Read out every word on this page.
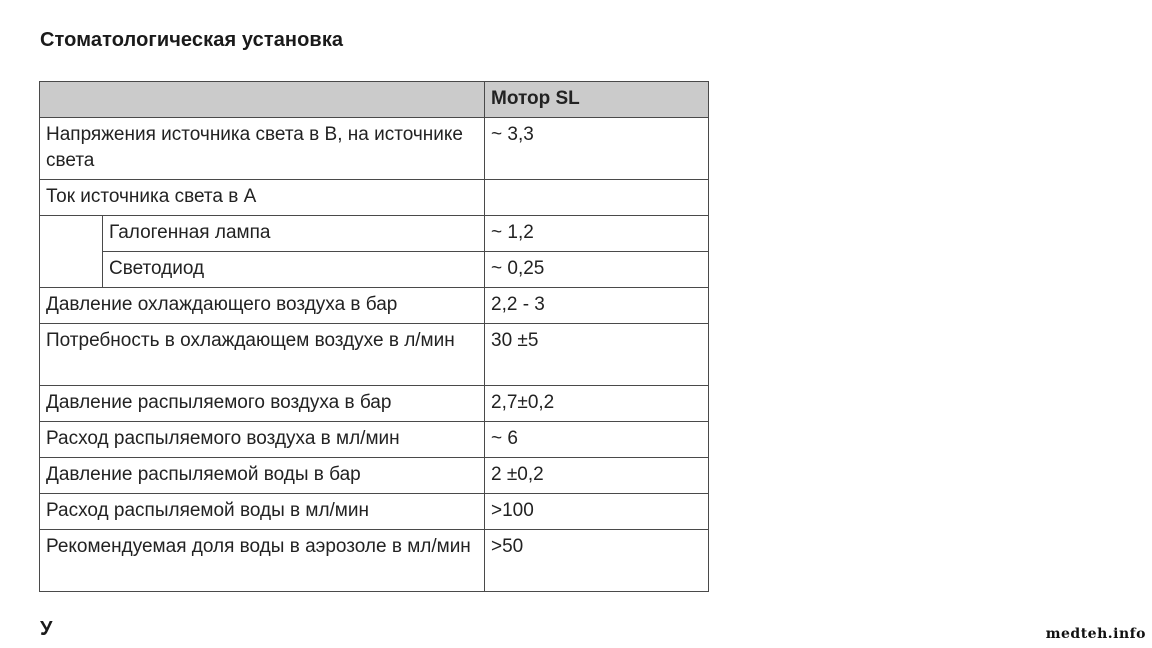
Стоматологическая установка
		Мотор SL
Напряжения источника света в В, на источнике света		~ 3,3
Ток источника света в А		
	Галогенная лампа	~ 1,2
	Светодиод	~ 0,25
Давление охлаждающего воздуха в бар		2,2 - 3
Потребность в охлаждающем воздухе в л/мин		30 ±5
Давление распыляемого воздуха в бар		2,7±0,2
Расход распыляемого воздуха в мл/мин		~ 6
Давление распыляемой воды в бар		2 ±0,2
Расход распыляемой воды в мл/мин		>100
Рекомендуемая доля воды в аэрозоле в мл/мин		>50
У	medteh.info
